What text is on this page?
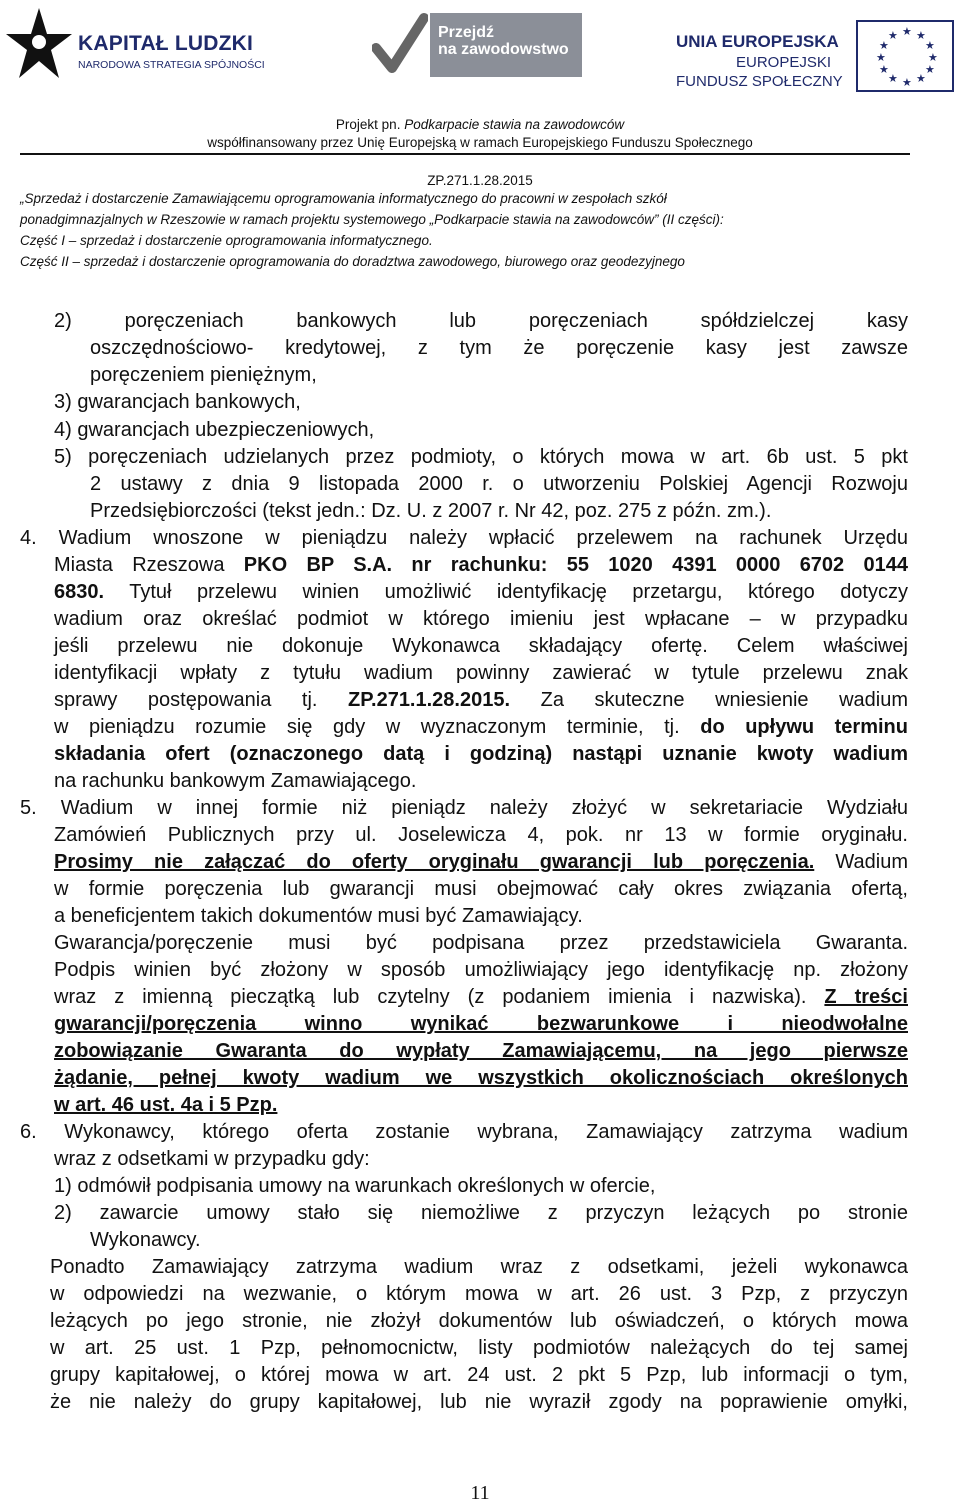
KAPITAŁ LUDZKI
NARODOWA STRATEGIA SPÓJNOŚCI
Przejdź
na zawodowstwo	UNIA EUROPEJSKA
EUROPEJSKI
FUNDUSZ SPOŁECZNY
★ ★
★
★
★
★
★
★
★
★
★
★
Projekt pn. Podkarpacie stawia na zawodowców
współfinansowany przez Unię Europejską w ramach Europejskiego Funduszu Społecznego
ZP.271.1.28.2015
„Sprzedaż i dostarczenie Zamawiającemu oprogramowania informatycznego do pracowni w zespołach szkół
ponadgimnazjalnych w Rzeszowie w ramach projektu systemowego „Podkarpacie stawia na zawodowców” (II części):
Część I – sprzedaż i dostarczenie oprogramowania informatycznego.
Część II – sprzedaż i dostarczenie oprogramowania do doradztwa zawodowego, biurowego oraz geodezyjnego
2) poręczeniach bankowych lub poręczeniach spółdzielczej kasy
oszczędnościowo- kredytowej, z tym że poręczenie kasy jest zawsze
poręczeniem pieniężnym,
3) gwarancjach bankowych,
4) gwarancjach ubezpieczeniowych,
5) poręczeniach udzielanych przez podmioty, o których mowa w art. 6b ust. 5 pkt
2 ustawy z dnia 9 listopada 2000 r. o utworzeniu Polskiej Agencji Rozwoju
Przedsiębiorczości (tekst jedn.: Dz. U. z 2007 r. Nr 42, poz. 275 z późn. zm.).
4. Wadium wnoszone w pieniądzu należy wpłacić przelewem na rachunek Urzędu
Miasta Rzeszowa PKO BP S.A. nr rachunku: 55 1020 4391 0000 6702 0144
6830. Tytuł przelewu winien umożliwić identyfikację przetargu, którego dotyczy
wadium oraz określać podmiot w którego imieniu jest wpłacane – w przypadku
jeśli przelewu nie dokonuje Wykonawca składający ofertę. Celem właściwej
identyfikacji wpłaty z tytułu wadium powinny zawierać w tytule przelewu znak
sprawy postępowania tj. ZP.271.1.28.2015. Za skuteczne wniesienie wadium
w pieniądzu rozumie się gdy w wyznaczonym terminie, tj. do upływu terminu
składania ofert (oznaczonego datą i godziną) nastąpi uznanie kwoty wadium
na rachunku bankowym Zamawiającego.
5. Wadium w innej formie niż pieniądz należy złożyć w sekretariacie Wydziału
Zamówień Publicznych przy ul. Joselewicza 4, pok. nr 13 w formie oryginału.
Prosimy nie załączać do oferty oryginału gwarancji lub poręczenia. Wadium
w formie poręczenia lub gwarancji musi obejmować cały okres związania ofertą,
a beneficjentem takich dokumentów musi być Zamawiający.
Gwarancja/poręczenie musi być podpisana przez przedstawiciela Gwaranta.
Podpis winien być złożony w sposób umożliwiający jego identyfikację np. złożony
wraz z imienną pieczątką lub czytelny (z podaniem imienia i nazwiska). Z treści
gwarancji/poręczenia winno wynikać bezwarunkowe i nieodwołalne
zobowiązanie Gwaranta do wypłaty Zamawiającemu, na jego pierwsze
żądanie, pełnej kwoty wadium we wszystkich okolicznościach określonych
w art. 46 ust. 4a i 5 Pzp.
6. Wykonawcy, którego oferta zostanie wybrana, Zamawiający zatrzyma wadium
wraz z odsetkami w przypadku gdy:
1) odmówił podpisania umowy na warunkach określonych w ofercie,
2) zawarcie umowy stało się niemożliwe z przyczyn leżących po stronie
Wykonawcy.
Ponadto Zamawiający zatrzyma wadium wraz z odsetkami, jeżeli wykonawca
w odpowiedzi na wezwanie, o którym mowa w art. 26 ust. 3 Pzp, z przyczyn
leżących po jego stronie, nie złożył dokumentów lub oświadczeń, o których mowa
w art. 25 ust. 1 Pzp, pełnomocnictw, listy podmiotów należących do tej samej
grupy kapitałowej, o której mowa w art. 24 ust. 2 pkt 5 Pzp, lub informacji o tym,
że nie należy do grupy kapitałowej, lub nie wyraził zgody na poprawienie omyłki,
11
